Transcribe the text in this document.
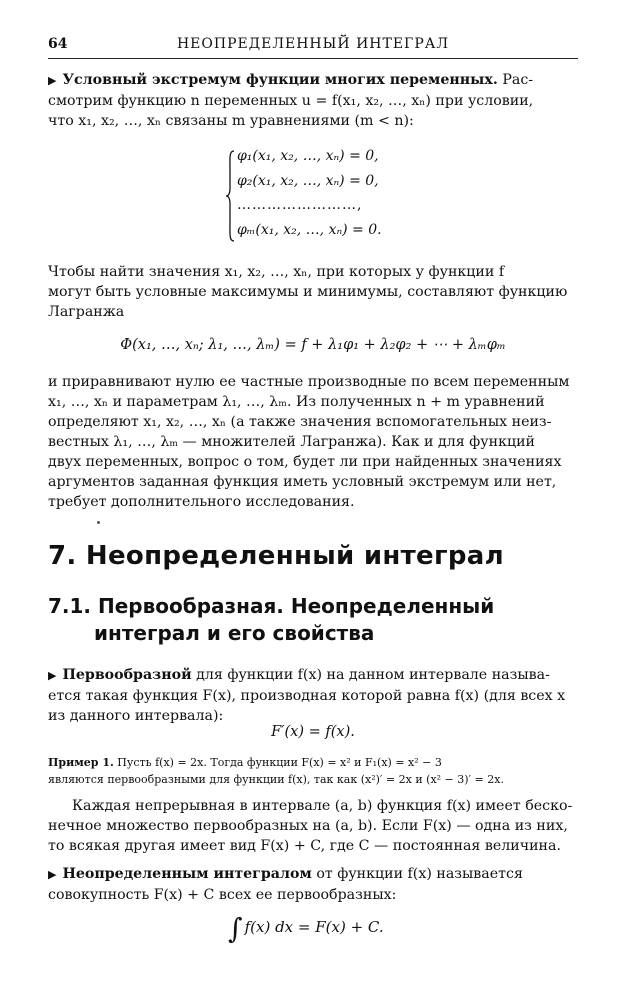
64	НЕОПРЕДЕЛЕННЫЙ ИНТЕГРАЛ
▶ Условный экстремум функции многих переменных. Рас-
смотрим функцию n переменных u = f(x₁, x₂, …, xₙ) при условии,
что x₁, x₂, …, xₙ связаны m уравнениями (m < n):
φ₁(x₁, x₂, …, xₙ) = 0,
φ₂(x₁, x₂, …, xₙ) = 0,
……………………,
φₘ(x₁, x₂, …, xₙ) = 0.
Чтобы найти значения x₁, x₂, …, xₙ, при которых у функции f
могут быть условные максимумы и минимумы, составляют функцию
Лагранжа
Φ(x₁, …, xₙ; λ₁, …, λₘ) = f + λ₁φ₁ + λ₂φ₂ + ⋯ + λₘφₘ
и приравнивают нулю ее частные производные по всем переменным
x₁, …, xₙ и параметрам λ₁, …, λₘ. Из полученных n + m уравнений
определяют x₁, x₂, …, xₙ (а также значения вспомогательных неиз-
вестных λ₁, …, λₘ — множителей Лагранжа). Как и для функций
двух переменных, вопрос о том, будет ли при найденных значениях
аргументов заданная функция иметь условный экстремум или нет,
требует дополнительного исследования.
7. Неопределенный интеграл
7.1. Первообразная. Неопределенный
интеграл и его свойства
▶ Первообразной для функции f(x) на данном интервале называ-
ется такая функция F(x), производная которой равна f(x) (для всех x
из данного интервала):
F′(x) = f(x).
Пример 1. Пусть f(x) = 2x. Тогда функции F(x) = x² и F₁(x) = x² − 3
являются первообразными для функции f(x), так как (x²)′ = 2x и (x² − 3)′ = 2x.
Каждая непрерывная в интервале (a, b) функция f(x) имеет беско-
нечное множество первообразных на (a, b). Если F(x) — одна из них,
то всякая другая имеет вид F(x) + C, где C — постоянная величина.
▶ Неопределенным интегралом от функции f(x) называется
совокупность F(x) + C всех ее первообразных:
∫ f(x) dx = F(x) + C.
